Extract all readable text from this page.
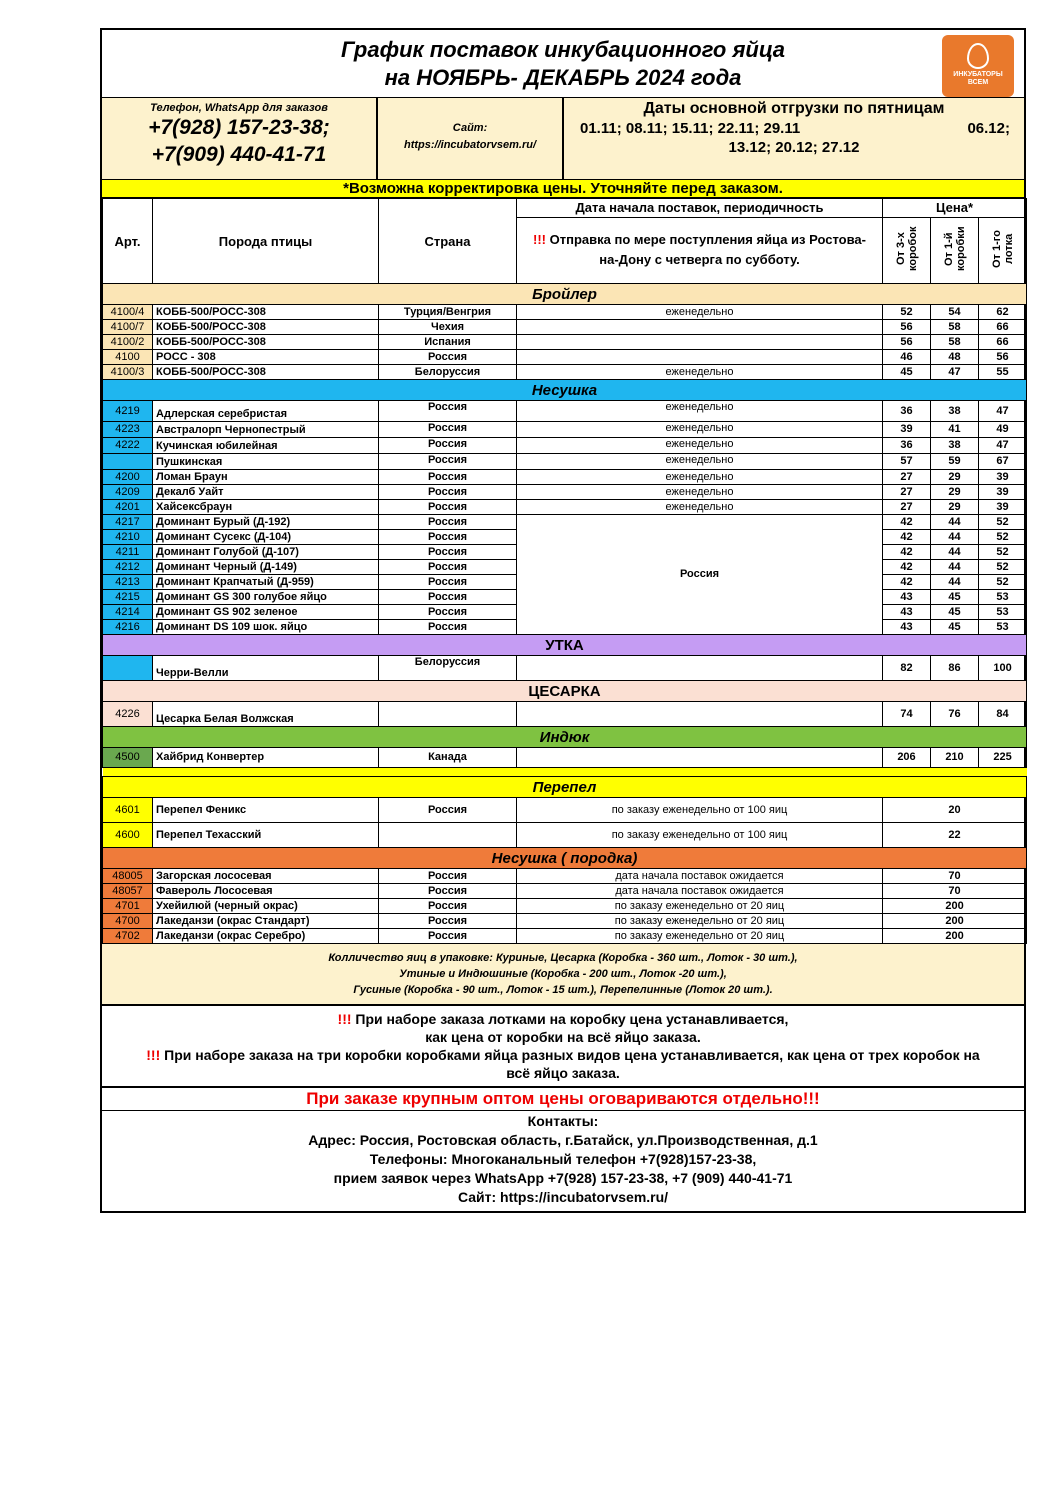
График поставок инкубационного яйца
на НОЯБРЬ- ДЕКАБРЬ 2024 года	ИНКУБАТОРЫ
ВСЕМ
Телефон, WhatsApp для заказов
+7(928) 157-23-38;
+7(909) 440-41-71
Сайт:
https://incubatorvsem.ru/
Даты основной отгрузки по пятницам
01.11; 08.11; 15.11; 22.11; 29.11	06.12;
13.12; 20.12; 27.12
*Возможна корректировка цены. Уточняйте перед заказом.
Арт.	Порода птицы	Страна	Дата начала поставок, периодичность	Цена*		
			!!! Отправка по мере поступления яйца из Ростова-на-Дону с четверга по субботу.	От 3-х коробок	От 1-й коробки	От 1-го лотка
Бройлер						
4100/4	КОББ-500/РОСС-308	Турция/Венгрия	еженедельно	52	54	62
4100/7	КОББ-500/РОСС-308	Чехия		56	58	66
4100/2	КОББ-500/РОСС-308	Испания		56	58	66
4100	РОСС - 308	Россия		46	48	56
4100/3	КОББ-500/РОСС-308	Белоруссия	еженедельно	45	47	55
Несушка						
4219	Адлерская серебристая	Россия	еженедельно	36	38	47
4223	Австралорп Чернопестрый	Россия	еженедельно	39	41	49
4222	Кучинская юбилейная	Россия	еженедельно	36	38	47
	Пушкинская	Россия	еженедельно	57	59	67
4200	Ломан Браун	Россия	еженедельно	27	29	39
4209	Декалб Уайт	Россия	еженедельно	27	29	39
4201	Хайсексбраун	Россия	еженедельно	27	29	39
4217	Доминант Бурый (Д-192)	Россия	Россия	42	44	52
4210	Доминант Сусекс (Д-104)	Россия		42	44	52
4211	Доминант Голубой (Д-107)	Россия		42	44	52
4212	Доминант Черный (Д-149)	Россия		42	44	52
4213	Доминант Крапчатый (Д-959)	Россия		42	44	52
4215	Доминант GS 300 голубое яйцо	Россия		43	45	53
4214	Доминант GS 902 зеленое	Россия		43	45	53
4216	Доминант DS 109 шок. яйцо	Россия		43	45	53
УТКА						
	Черри-Велли	Белоруссия		82	86	100
ЦЕСАРКА						
4226	Цесарка Белая Волжская			74	76	84
Индюк						
4500	Хайбрид Конвертер	Канада		206	210	225

Перепел						
4601	Перепел Феникс	Россия	по заказу еженедельно от 100 яиц	20		
4600	Перепел Техасский		по заказу еженедельно от 100 яиц	22		
Несушка ( породка)						
48005	Загорская лососевая	Россия	дата начала поставок ожидается	70		
48057	Фавероль Лососевая	Россия	дата начала поставок ожидается	70		
4701	Ухейилюй (черный окрас)	Россия	по заказу еженедельно от 20 яиц	200		
4700	Лакеданзи (окрас Стандарт)	Россия	по заказу еженедельно от 20 яиц	200		
4702	Лакеданзи (окрас Серебро)	Россия	по заказу еженедельно от 20 яиц	200		
Колличество яиц в упаковке: Куриные, Цесарка (Коробка - 360 шт., Лоток - 30 шт.),
Утиные и Индюшиные (Коробка - 200 шт., Лоток -20 шт.),
Гусиные (Коробка - 90 шт., Лоток - 15 шт.), Перепелинные (Лоток 20 шт.).
!!! При наборе заказа лотками на коробку цена устанавливается,
как цена от коробки на всё яйцо заказа.
!!! При наборе заказа на три коробки коробками яйца разных видов цена устанавливается, как цена от трех коробок на
всё яйцо заказа.
При заказе крупным оптом цены оговариваются отдельно!!!
Контакты:
Адрес: Россия, Ростовская область, г.Батайск, ул.Производственная, д.1
Телефоны: Многоканальный телефон +7(928)157-23-38,
прием заявок через WhatsApp +7(928) 157-23-38, +7 (909) 440-41-71
Сайт: https://incubatorvsem.ru/
